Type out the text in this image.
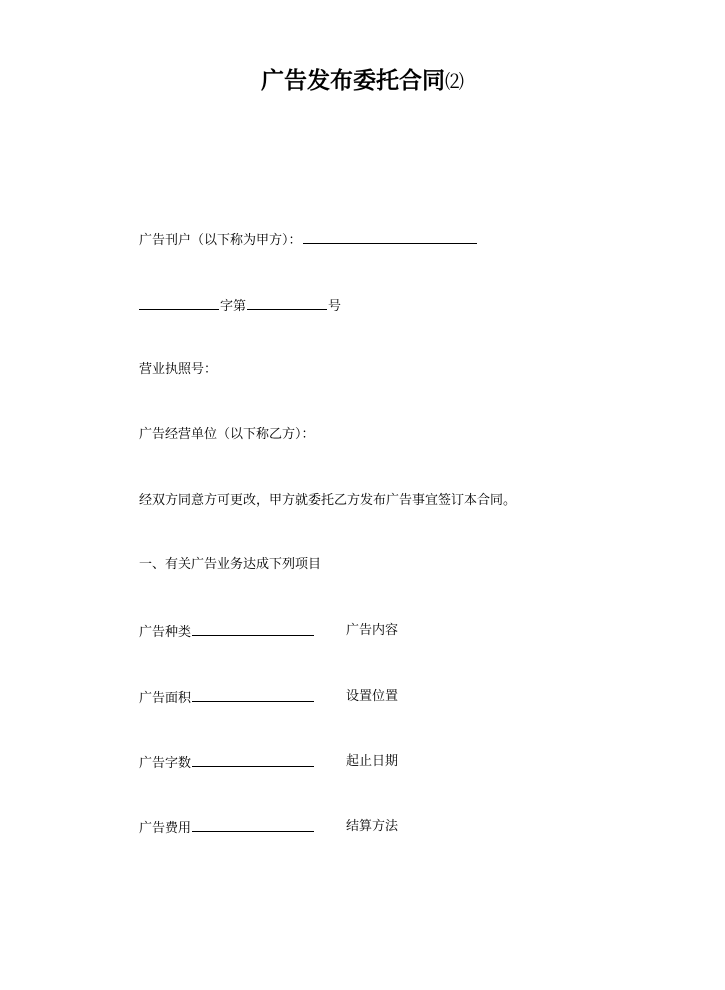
广告发布委托合同⑵
广告刊户（以下称为甲方）：
字第	号
营业执照号：
广告经营单位（以下称乙方）：
经双方同意方可更改，甲方就委托乙方发布广告事宜签订本合同。
一、有关广告业务达成下列项目
广告种类	广告内容
广告面积	设置位置
广告字数	起止日期
广告费用	结算方法
